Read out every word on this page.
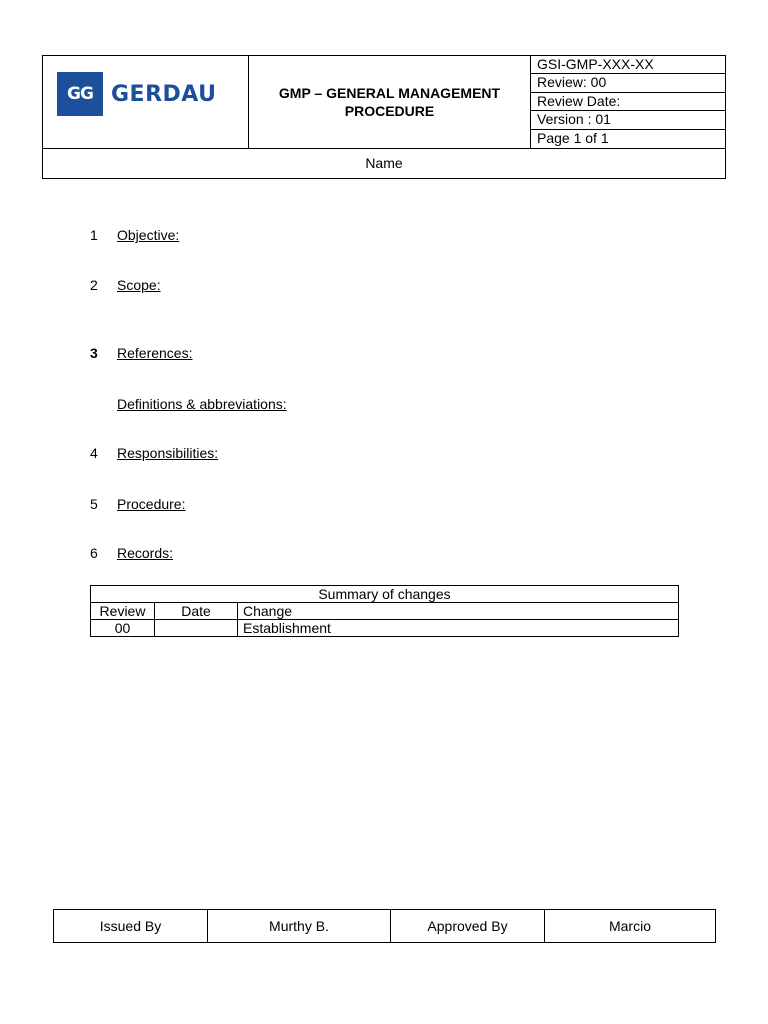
GG GERDAU	GMP – GENERAL MANAGEMENT PROCEDURE
GSI-GMP-XXX-XX
Review: 00
Review Date:
Version : 01
Page 1 of 1
Name
1 Objective:
2 Scope:
3 References:
Definitions & abbreviations:
4 Responsibilities:
5 Procedure:
6 Records:
Summary of changes		
Review	Date	Change
00		Establishment
Issued By	Murthy B.	Approved By	Marcio
